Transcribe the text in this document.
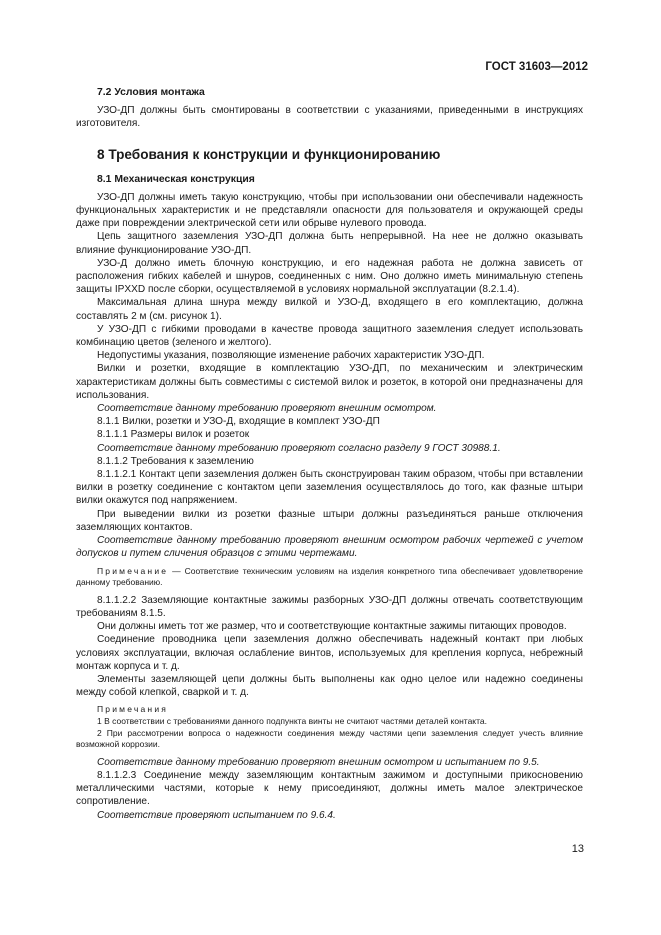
ГОСТ 31603—2012

7.2 Условия монтажа

УЗО-ДП должны быть смонтированы в соответствии с указаниями, приведенными в инструкциях изготовителя.

8 Требования к конструкции и функционированию

8.1 Механическая конструкция

УЗО-ДП должны иметь такую конструкцию, чтобы при использовании они обеспечивали надежность функциональных характеристик и не представляли опасности для пользователя и окружающей среды даже при повреждении электрической сети или обрыве нулевого провода.

Цепь защитного заземления УЗО-ДП должна быть непрерывной. На нее не должно оказывать влияние функционирование УЗО-ДП.

УЗО-Д должно иметь блочную конструкцию, и его надежная работа не должна зависеть от расположения гибких кабелей и шнуров, соединенных с ним. Оно должно иметь минимальную степень защиты IPXXD после сборки, осуществляемой в условиях нормальной эксплуатации (8.2.1.4).

Максимальная длина шнура между вилкой и УЗО-Д, входящего в его комплектацию, должна составлять 2 м (см. рисунок 1).

У УЗО-ДП с гибкими проводами в качестве провода защитного заземления следует использовать комбинацию цветов (зеленого и желтого).

Недопустимы указания, позволяющие изменение рабочих характеристик УЗО-ДП.

Вилки и розетки, входящие в комплектацию УЗО-ДП, по механическим и электрическим характеристикам должны быть совместимы с системой вилок и розеток, в которой они предназначены для использования.

Соответствие данному требованию проверяют внешним осмотром.

8.1.1 Вилки, розетки и УЗО-Д, входящие в комплект УЗО-ДП

8.1.1.1 Размеры вилок и розеток

Соответствие данному требованию проверяют согласно разделу 9 ГОСТ 30988.1.

8.1.1.2 Требования к заземлению

8.1.1.2.1 Контакт цепи заземления должен быть сконструирован таким образом, чтобы при вставлении вилки в розетку соединение с контактом цепи заземления осуществлялось до того, как фазные штыри вилки окажутся под напряжением.

При выведении вилки из розетки фазные штыри должны разъединяться раньше отключения заземляющих контактов.

Соответствие данному требованию проверяют внешним осмотром рабочих чертежей с учетом допусков и путем сличения образцов с этими чертежами.

Примечание — Соответствие техническим условиям на изделия конкретного типа обеспечивает удовлетворение данному требованию.

8.1.1.2.2 Заземляющие контактные зажимы разборных УЗО-ДП должны отвечать соответствующим требованиям 8.1.5.

Они должны иметь тот же размер, что и соответствующие контактные зажимы питающих проводов.

Соединение проводника цепи заземления должно обеспечивать надежный контакт при любых условиях эксплуатации, включая ослабление винтов, используемых для крепления корпуса, небрежный монтаж корпуса и т. д.

Элементы заземляющей цепи должны быть выполнены как одно целое или надежно соединены между собой клепкой, сваркой и т. д.

Примечания

1 В соответствии с требованиями данного подпункта винты не считают частями деталей контакта.

2 При рассмотрении вопроса о надежности соединения между частями цепи заземления следует учесть влияние возможной коррозии.

Соответствие данному требованию проверяют внешним осмотром и испытанием по 9.5.

8.1.1.2.3 Соединение между заземляющим контактным зажимом и доступными прикосновению металлическими частями, которые к нему присоединяют, должны иметь малое электрическое сопротивление.

Соответствие проверяют испытанием по 9.6.4.

13
